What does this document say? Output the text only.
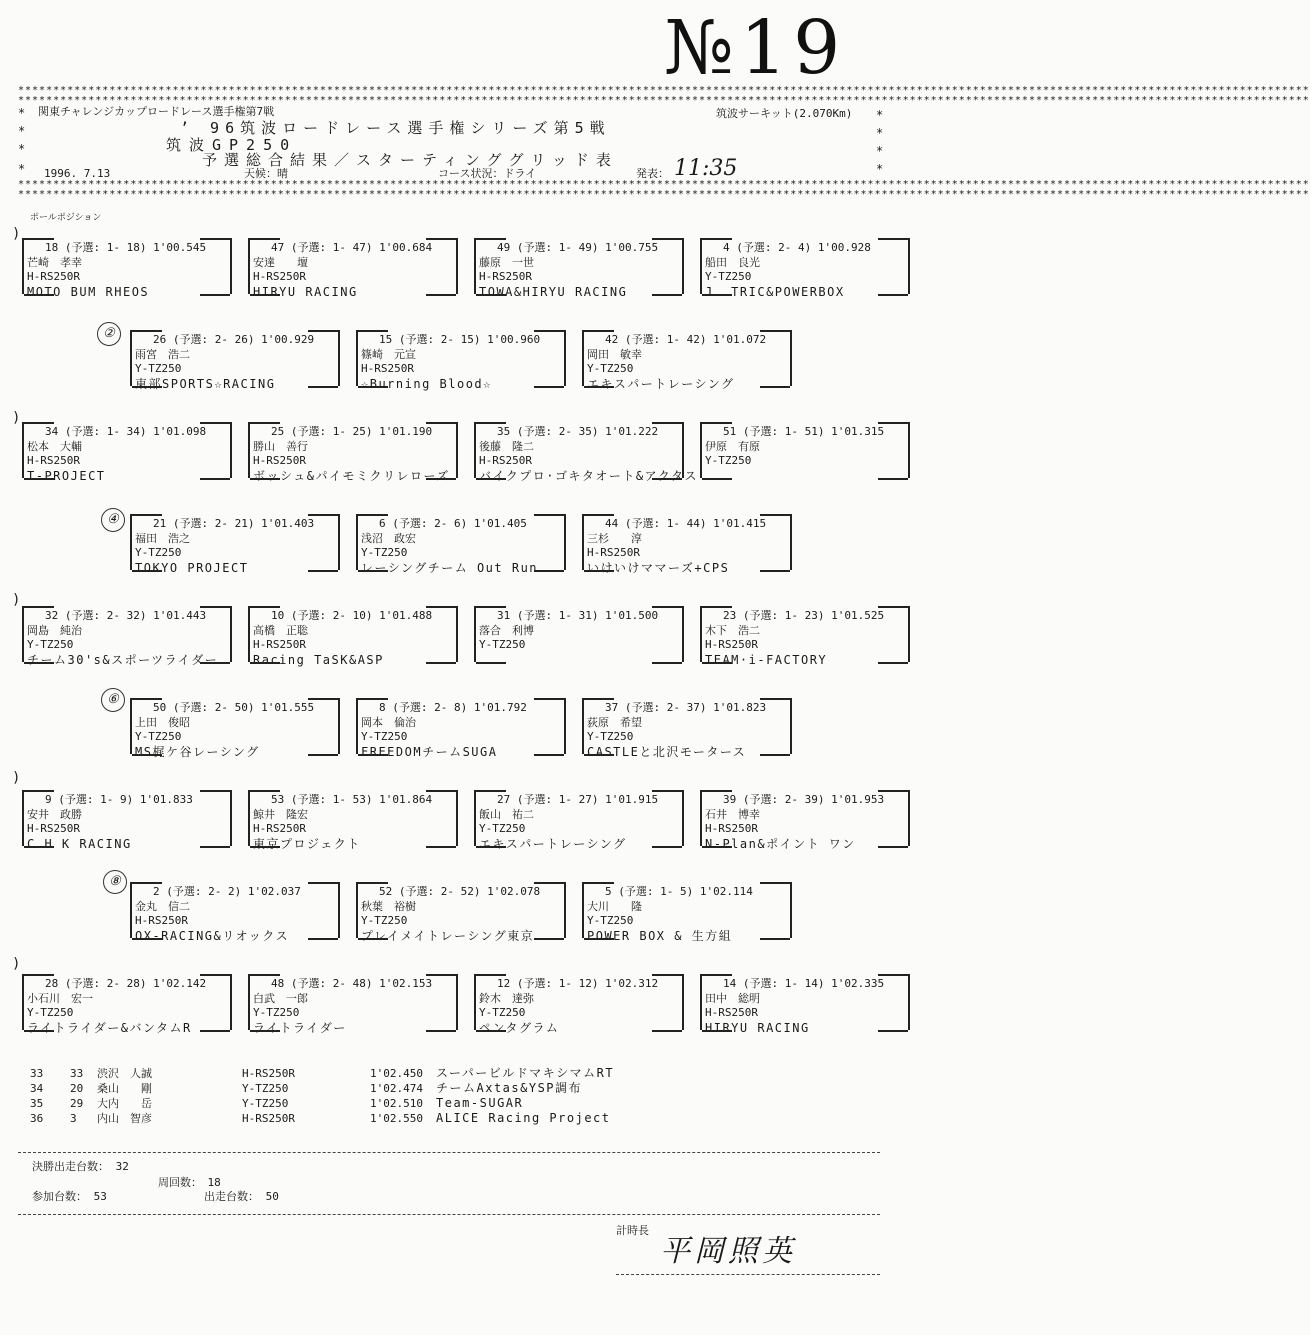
№19
****************************************************************************************************************************************************************************************
****************************************************************************************************************************************************************************************
*
*
*
*
*
*
*
*
****************************************************************************************************************************************************************************************
****************************************************************************************************************************************************************************************
関東チャレンジカップロードレース選手権第7戦	筑波サーキット(2.070Km)
’ 96筑波ロードレース選手権シリーズ第5戦
筑波GP250
予選総合結果／スターティンググリッド表
1996. 7.13	天候：晴	コース状況：ドライ	発表： 11:35
ポールポジション
)
)
)
)
)
②
④
⑥
⑧
18 (予選: 1- 18) 1'00.545
芒崎　孝幸
H-RS250R
MOTO BUM RHEOS
47 (予選: 1- 47) 1'00.684
安達　　壇
H-RS250R
HIRYU RACING
49 (予選: 1- 49) 1'00.755
藤原　一世
H-RS250R
TOWA&HIRYU RACING
4 (予選: 2- 4) 1'00.928
船田　良光
Y-TZ250
J. TRIC&POWERBOX
26 (予選: 2- 26) 1'00.929
雨宮　浩二
Y-TZ250
東部SPORTS☆RACING
15 (予選: 2- 15) 1'00.960
篠崎　元宣
H-RS250R
☆Burning Blood☆
42 (予選: 1- 42) 1'01.072
岡田　敏幸
Y-TZ250
エキスパートレーシング
34 (予選: 1- 34) 1'01.098
松本　大輔
H-RS250R
T-PROJECT
25 (予選: 1- 25) 1'01.190
勝山　善行
H-RS250R
ボッシュ&パイモミクリレローズ
35 (予選: 2- 35) 1'01.222
後藤　隆二
H-RS250R
バイクプロ·ゴキタオート&アクタス
51 (予選: 1- 51) 1'01.315
伊原　有原
Y-TZ250
21 (予選: 2- 21) 1'01.403
福田　浩之
Y-TZ250
TOKYO PROJECT
6 (予選: 2- 6) 1'01.405
浅沼　政宏
Y-TZ250
レーシングチーム Out Run
44 (予選: 1- 44) 1'01.415
三杉　　淳
H-RS250R
いけいけママーズ+CPS
32 (予選: 2- 32) 1'01.443
岡島　純治
Y-TZ250
チーム30's&スポーツライダー
10 (予選: 2- 10) 1'01.488
高橋　正聡
H-RS250R
Racing TaSK&ASP
31 (予選: 1- 31) 1'01.500
落合　利博
Y-TZ250
23 (予選: 1- 23) 1'01.525
木下　浩二
H-RS250R
TEAM·i-FACTORY
50 (予選: 2- 50) 1'01.555
上田　俊昭
Y-TZ250
MS梶ケ谷レーシング
8 (予選: 2- 8) 1'01.792
岡本　倫治
Y-TZ250
FREEDOMチームSUGA
37 (予選: 2- 37) 1'01.823
荻原　希望
Y-TZ250
CASTLEと北沢モータース
9 (予選: 1- 9) 1'01.833
安井　政勝
H-RS250R
C H K RACING
53 (予選: 1- 53) 1'01.864
鯨井　隆宏
H-RS250R
東京プロジェクト
27 (予選: 1- 27) 1'01.915
飯山　祐二
Y-TZ250
エキスパートレーシング
39 (予選: 2- 39) 1'01.953
石井　博幸
H-RS250R
N-Plan&ポイント ワン
2 (予選: 2- 2) 1'02.037
金丸　信二
H-RS250R
OX-RACING&リオックス
52 (予選: 2- 52) 1'02.078
秋葉　裕樹
Y-TZ250
プレイメイトレーシング東京
5 (予選: 1- 5) 1'02.114
大川　　隆
Y-TZ250
POWER BOX & 生方組
28 (予選: 2- 28) 1'02.142
小石川　宏一
Y-TZ250
ライトライダー&バンタムR
48 (予選: 2- 48) 1'02.153
白武　一郎
Y-TZ250
ライトライダー
12 (予選: 1- 12) 1'02.312
鈴木　達弥
Y-TZ250
ペンタグラム
14 (予選: 1- 14) 1'02.335
田中　総明
H-RS250R
HIRYU RACING
33 33 渋沢　人誠	H-RS250R	1'02.450 スーパービルドマキシマムRT
34 20 桑山　　剛	Y-TZ250	1'02.474 チームAxtas&YSP調布
35 29 大内　　岳	Y-TZ250	1'02.510 Team-SUGAR
36 3 内山　智彦	H-RS250R	1'02.550 ALICE Racing Project
決勝出走台数： 32
周回数：　18
参加台数： 53	出走台数： 50
計時長
平岡照英
